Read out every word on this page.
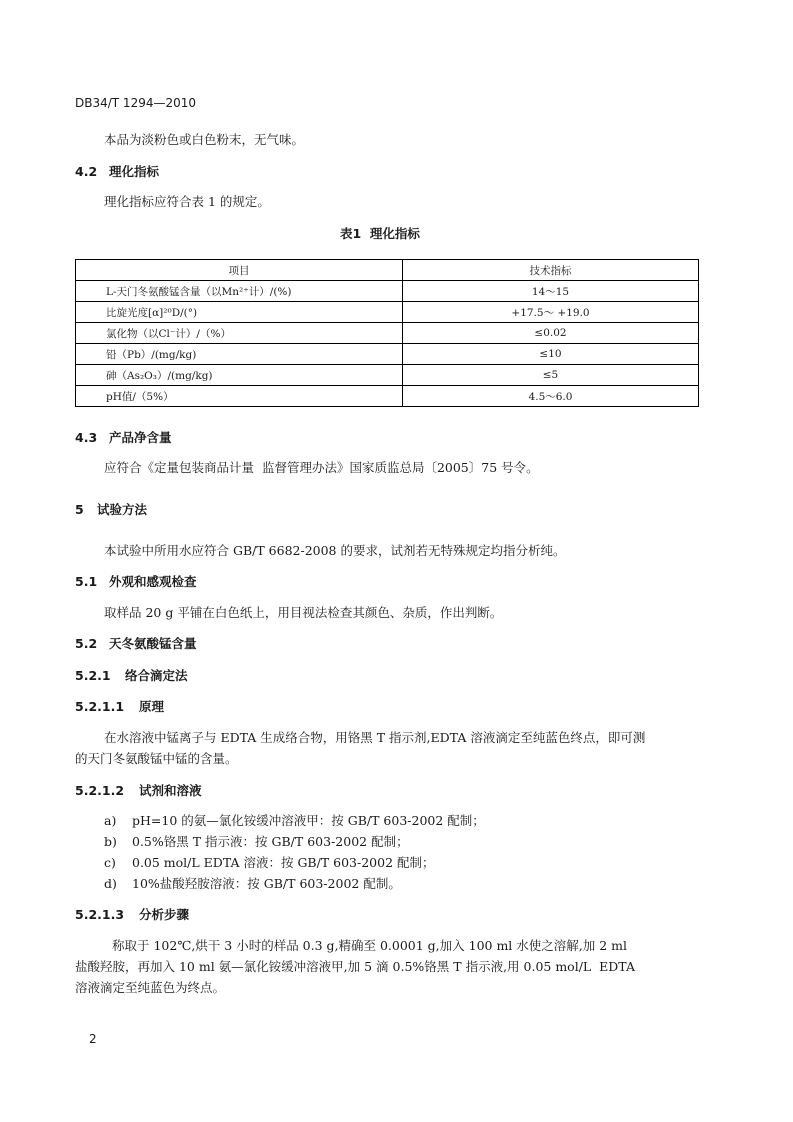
DB34/T 1294—2010
本品为淡粉色或白色粉末，无气味。
4.2 理化指标
理化指标应符合表 1 的规定。
表1  理化指标
项目	技术指标
L-天门冬氨酸锰含量（以Mn²⁺计）/(%)	14～15
比旋光度[α]²⁰D/(°)	+17.5～ +19.0
氯化物（以Cl⁻计）/（%）	≤0.02
铅（Pb）/(mg/kg)	≤10
砷（As₂O₃）/(mg/kg)	≤5
pH值/（5%）	4.5～6.0
4.3 产品净含量
应符合《定量包装商品计量  监督管理办法》国家质监总局〔2005〕75 号令。
5 试验方法
本试验中所用水应符合 GB/T 6682-2008 的要求，试剂若无特殊规定均指分析纯。
5.1 外观和感观检查
取样品 20 g 平铺在白色纸上，用目视法检查其颜色、杂质，作出判断。
5.2 天冬氨酸锰含量
5.2.1 络合滴定法
5.2.1.1 原理
在水溶液中锰离子与 EDTA 生成络合物，用铬黑 T 指示剂,EDTA 溶液滴定至纯蓝色终点，即可测
的天门冬氨酸锰中锰的含量。
5.2.1.2 试剂和溶液
a) pH=10 的氨—氯化铵缓冲溶液甲：按 GB/T 603-2002 配制；
b) 0.5%铬黑 T 指示液：按 GB/T 603-2002 配制；
c) 0.05 mol/L EDTA 溶液：按 GB/T 603-2002 配制；
d) 10%盐酸羟胺溶液：按 GB/T 603-2002 配制。
5.2.1.3 分析步骤
称取于 102℃,烘干 3 小时的样品 0.3 g,精确至 0.0001 g,加入 100 ml 水使之溶解,加 2 ml
盐酸羟胺，再加入 10 ml 氨—氯化铵缓冲溶液甲,加 5 滴 0.5%铬黑 T 指示液,用 0.05 mol/L  EDTA
溶液滴定至纯蓝色为终点。
2
